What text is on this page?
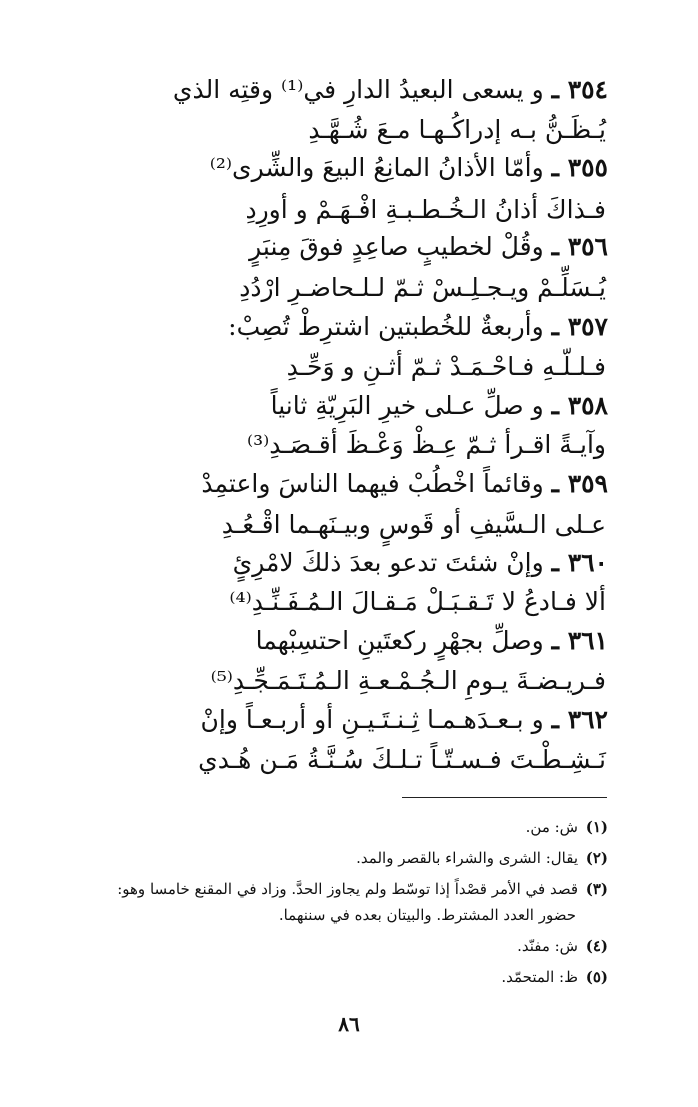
٣٥٤ ـو يسعى البعيدُ الدارِ في⁽¹⁾ وقتِه الذي
يُـظَـنُّ بـه إدراكُـهـا مـعَ شُـهَّـدِ
٣٥٥ ـوأمّا الأذانُ المانِعُ البيعَ والشِّرى⁽²⁾
فـذاكَ أذانُ الـخُـطـبـةِ افْـهَـمْ و أورِدِ
٣٥٦ ـوقُلْ لخطيبٍ صاعِدٍ فوقَ مِنبَرٍ
يُـسَلِّـمْ ويـجـلِـسْ ثـمّ لـلـحاضـرِ ارْدُدِ
٣٥٧ ـوأربعةٌ للخُطبتين اشترِطْ تُصِبْ:
فـلـلّـهِ فـاحْـمَـدْ ثـمّ أثـنِ و وَحِّـدِ
٣٥٨ ـو صلِّ عـلى خيرِ البَرِيّةِ ثانياً
وآيـةً اقـرأ ثـمّ عِـظْ وَعْـظَ أقـصَـدِ⁽³⁾
٣٥٩ ـوقائماً اخْطُبْ فيهما الناسَ واعتمِدْ
عـلى الـسَّيفِ أو قَوسٍ وبيـنَهـما اقْـعُـدِ
٣٦٠ ـوإنْ شئتَ تدعو بعدَ ذلكَ لامْرِئٍ
ألا فـادعُ لا تَـقـبَـلْ مَـقـالَ الـمُـفَـنِّـدِ⁽⁴⁾
٣٦١ ـوصلِّ بجهْرٍ ركعتَينِ احتسِبْهما
فـريـضـةَ يـومِ الـجُـمْـعـةِ الـمُـتَـمَـجِّـدِ⁽⁵⁾
٣٦٢ ـو بـعـدَهـمـا ثِـنـتَـيـنِ أو أربـعـاً وإنْ
نَـشِـطْـتَ فـسـتّـاً تـلـكَ سُـنَّـةُ مَـن هُـدي
(١)ش: من.
(٢)يقال: الشرى والشراء بالقصر والمد.
(٣)قصد في الأمر قصْداً إذا توسّط ولم يجاوز الحدَّ. وزاد في المقنع خامسا وهو:
حضور العدد المشترط. والبيتان بعده في سننهما.
(٤)ش: مفنّد.
(٥)ظ: المتحمّد.
٨٦
